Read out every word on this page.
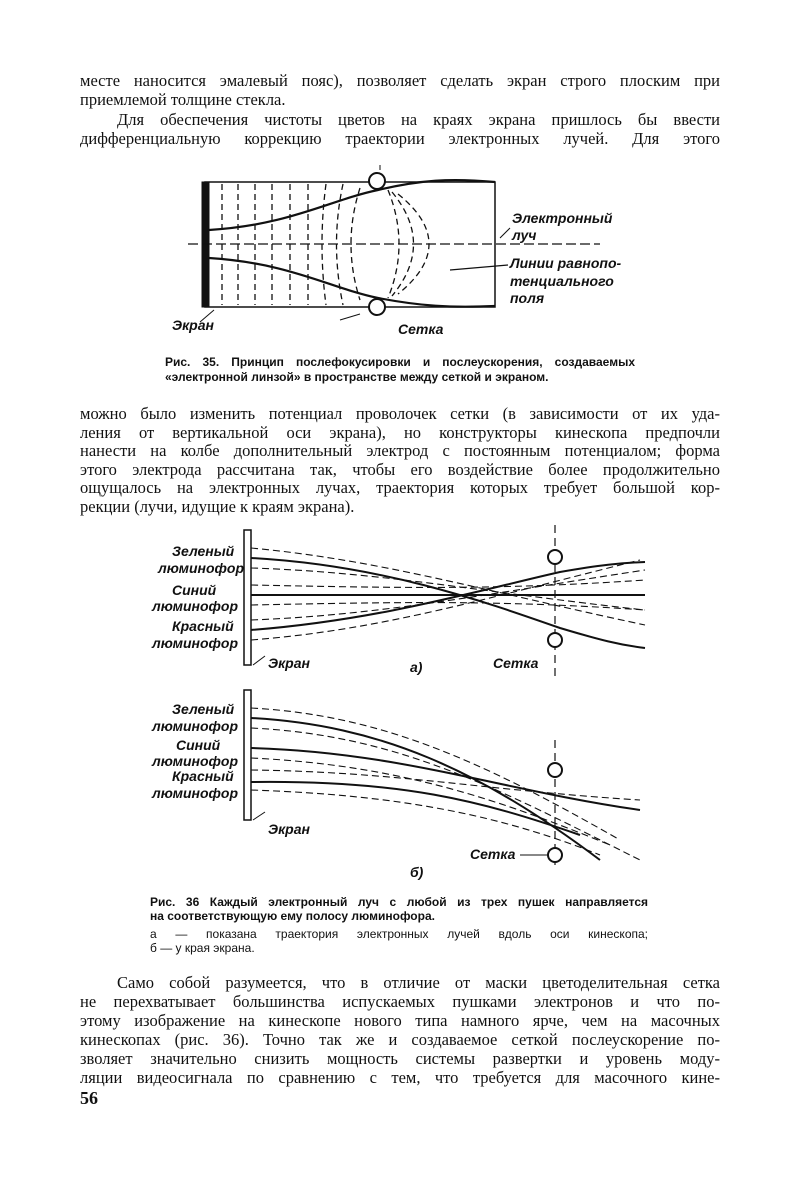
месте наносится эмалевый пояс), позволяет сделать экран строго плоским при
приемлемой толщине стекла.
Для обеспечения чистоты цветов на краях экрана пришлось бы ввести
дифференциальную коррекцию траектории электронных лучей. Для этого
Электронный
луч
Линии равнопо-
тенциального
поля
Экран	Сетка
Рис. 35. Принцип послефокусировки и послеускорения, создаваемых
«электронной линзой» в пространстве между сеткой и экраном.
можно было изменить потенциал проволочек сетки (в зависимости от их уда-
ления от вертикальной оси экрана), но конструкторы кинескопа предпочли
нанести на колбе дополнительный электрод с постоянным потенциалом; форма
этого электрода рассчитана так, чтобы его воздействие более продолжительно
ощущалось на электронных лучах, траектория которых требует большой кор-
рекции (лучи, идущие к краям экрана).
Зеленый
люминофор
Синий
люминофор
Красный
люминофор
Экран	а)	Сетка
Зеленый
люминофор
Синий
люминофор
Красный
люминофор
Экран
б)
Сетка
Рис. 36 Каждый электронный луч с любой из трех пушек направляется
на соответствующую ему полосу люминофора.
а — показана траектория электронных лучей вдоль оси кинескопа;
б — у края экрана.
Само собой разумеется, что в отличие от маски цветоделительная сетка
не перехватывает большинства испускаемых пушками электронов и что по-
этому изображение на кинескопе нового типа намного ярче, чем на масочных
кинескопах (рис. 36). Точно так же и создаваемое сеткой послеускорение по-
зволяет значительно снизить мощность системы развертки и уровень моду-
ляции видеосигнала по сравнению с тем, что требуется для масочного кине-
56
